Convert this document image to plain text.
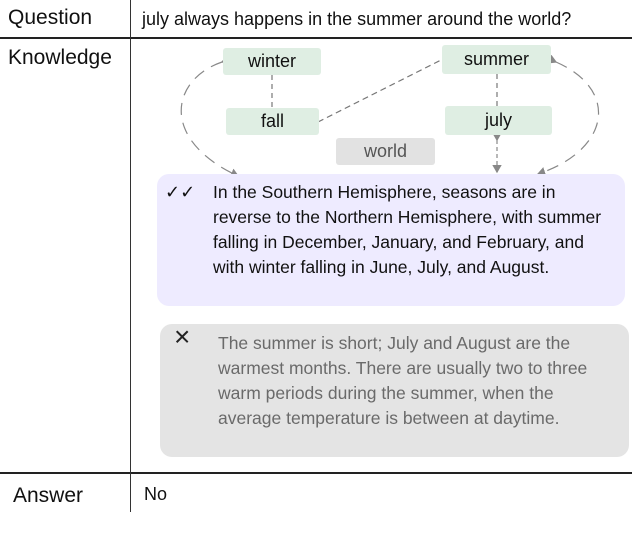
Question	july always happens in the summer around the world?
Knowledge	winter	summer
fall	july
world
✓✓ In the Southern Hemisphere, seasons are in reverse to the Northern Hemisphere, with summer falling in December, January, and February, and with winter falling in June, July, and August.
× The summer is short; July and August are the warmest months. There are usually two to three warm periods during the summer, when the average temperature is between at daytime.
Answer	No
